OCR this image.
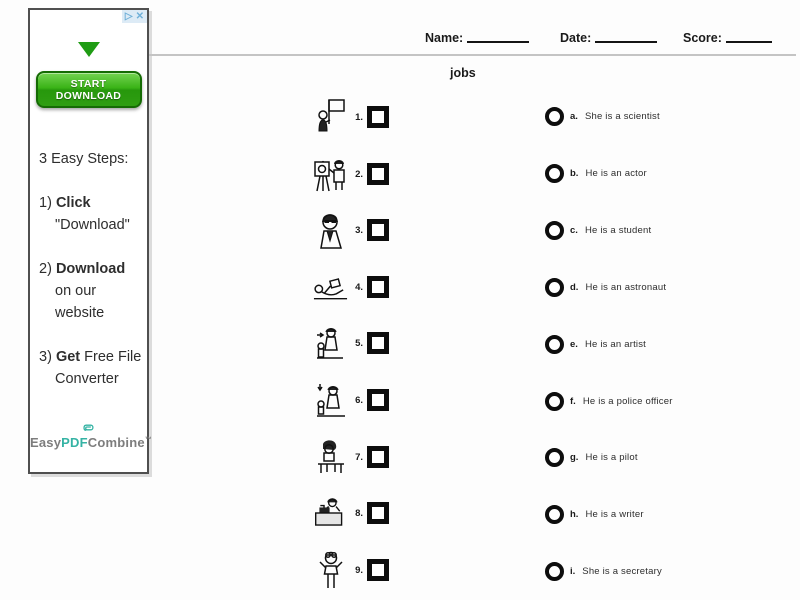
▷ ✕
START DOWNLOAD
3 Easy Steps:
1) Click
"Download"
2) Download
on our website
3) Get Free File
Converter
EasyPDFCombine™
Name:	Date:	Score:
jobs
1.
2.
3.
4.
5.
6.
7.
8.
9.
a. She is a scientist
b. He is an actor
c. He is a student
d. He is an astronaut
e. He is an artist
f. He is a police officer
g. He is a pilot
h. He is a writer
i. She is a secretary
